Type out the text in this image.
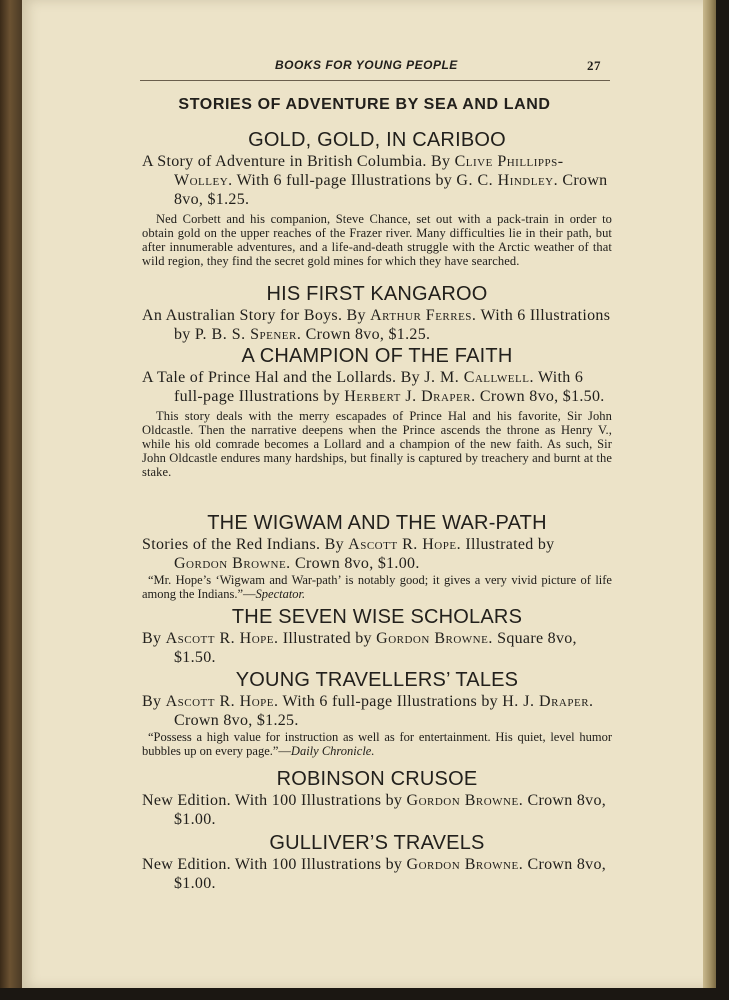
BOOKS FOR YOUNG PEOPLE	27
STORIES OF ADVENTURE BY SEA AND LAND
GOLD, GOLD, IN CARIBOO
A Story of Adventure in British Columbia. By Clive Phillipps-Wolley. With 6 full-page Illustrations by G. C. Hindley. Crown 8vo, $1.25.
Ned Corbett and his companion, Steve Chance, set out with a pack-train in order to obtain gold on the upper reaches of the Frazer river. Many difficulties lie in their path, but after innumerable adventures, and a life-and-death struggle with the Arctic weather of that wild region, they find the secret gold mines for which they have searched.
HIS FIRST KANGAROO
An Australian Story for Boys. By Arthur Ferres. With 6 Illustrations by P. B. S. Spener. Crown 8vo, $1.25.
A CHAMPION OF THE FAITH
A Tale of Prince Hal and the Lollards. By J. M. Callwell. With 6 full-page Illustrations by Herbert J. Draper. Crown 8vo, $1.50.
This story deals with the merry escapades of Prince Hal and his favorite, Sir John Oldcastle. Then the narrative deepens when the Prince ascends the throne as Henry V., while his old comrade becomes a Lollard and a champion of the new faith. As such, Sir John Oldcastle endures many hardships, but finally is captured by treachery and burnt at the stake.
THE WIGWAM AND THE WAR-PATH
Stories of the Red Indians. By Ascott R. Hope. Illustrated by Gordon Browne. Crown 8vo, $1.00.
“Mr. Hope’s ‘Wigwam and War-path’ is notably good; it gives a very vivid picture of life among the Indians.”—Spectator.
THE SEVEN WISE SCHOLARS
By Ascott R. Hope. Illustrated by Gordon Browne. Square 8vo, $1.50.
YOUNG TRAVELLERS’ TALES
By Ascott R. Hope. With 6 full-page Illustrations by H. J. Draper. Crown 8vo, $1.25.
“Possess a high value for instruction as well as for entertainment. His quiet, level humor bubbles up on every page.”—Daily Chronicle.
ROBINSON CRUSOE
New Edition. With 100 Illustrations by Gordon Browne. Crown 8vo, $1.00.
GULLIVER’S TRAVELS
New Edition. With 100 Illustrations by Gordon Browne. Crown 8vo, $1.00.
